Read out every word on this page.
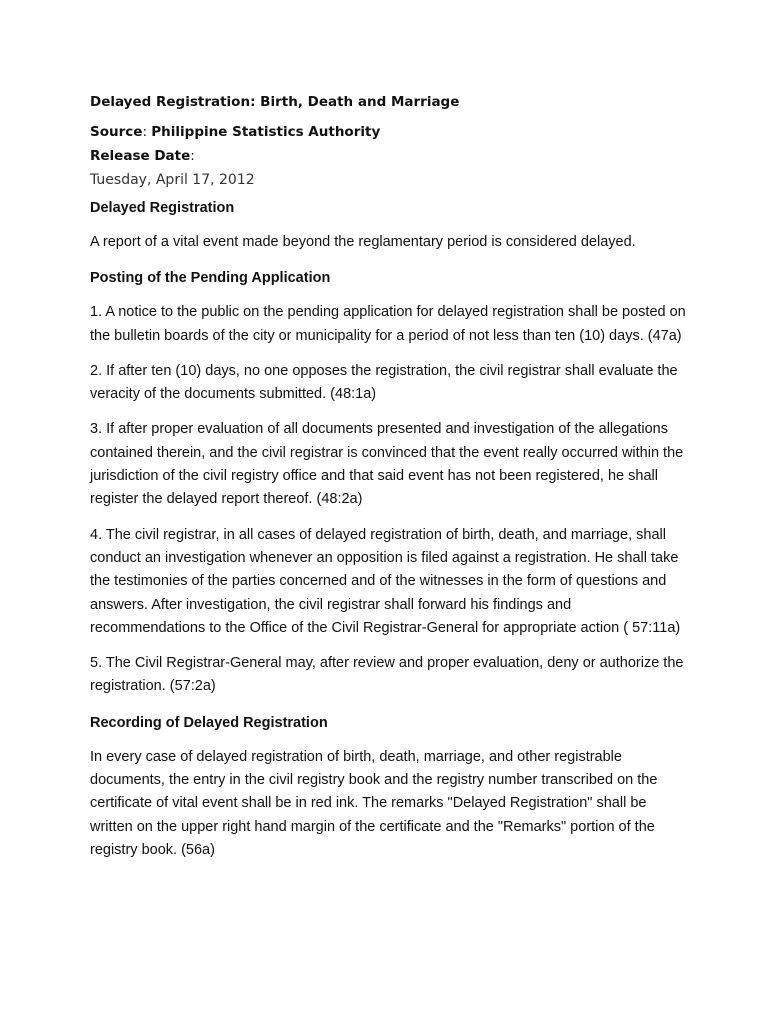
Delayed Registration: Birth, Death and Marriage

Source: Philippine Statistics Authority

Release Date:

Tuesday, April 17, 2012

Delayed Registration

A report of a vital event made beyond the reglamentary period is considered delayed.

Posting of the Pending Application

1. A notice to the public on the pending application for delayed registration shall be posted on the bulletin boards of the city or municipality for a period of not less than ten (10) days. (47a)

2. If after ten (10) days, no one opposes the registration, the civil registrar shall evaluate the veracity of the documents submitted. (48:1a)

3. If after proper evaluation of all documents presented and investigation of the allegations contained therein, and the civil registrar is convinced that the event really occurred within the jurisdiction of the civil registry office and that said event has not been registered, he shall register the delayed report thereof. (48:2a)

4. The civil registrar, in all cases of delayed registration of birth, death, and marriage, shall conduct an investigation whenever an opposition is filed against a registration. He shall take the testimonies of the parties concerned and of the witnesses in the form of questions and answers. After investigation, the civil registrar shall forward his findings and recommendations to the Office of the Civil Registrar-General for appropriate action ( 57:11a)

5. The Civil Registrar-General may, after review and proper evaluation, deny or authorize the registration. (57:2a)

Recording of Delayed Registration

In every case of delayed registration of birth, death, marriage, and other registrable documents, the entry in the civil registry book and the registry number transcribed on the certificate of vital event shall be in red ink. The remarks "Delayed Registration" shall be written on the upper right hand margin of the certificate and the "Remarks" portion of the registry book. (56a)
